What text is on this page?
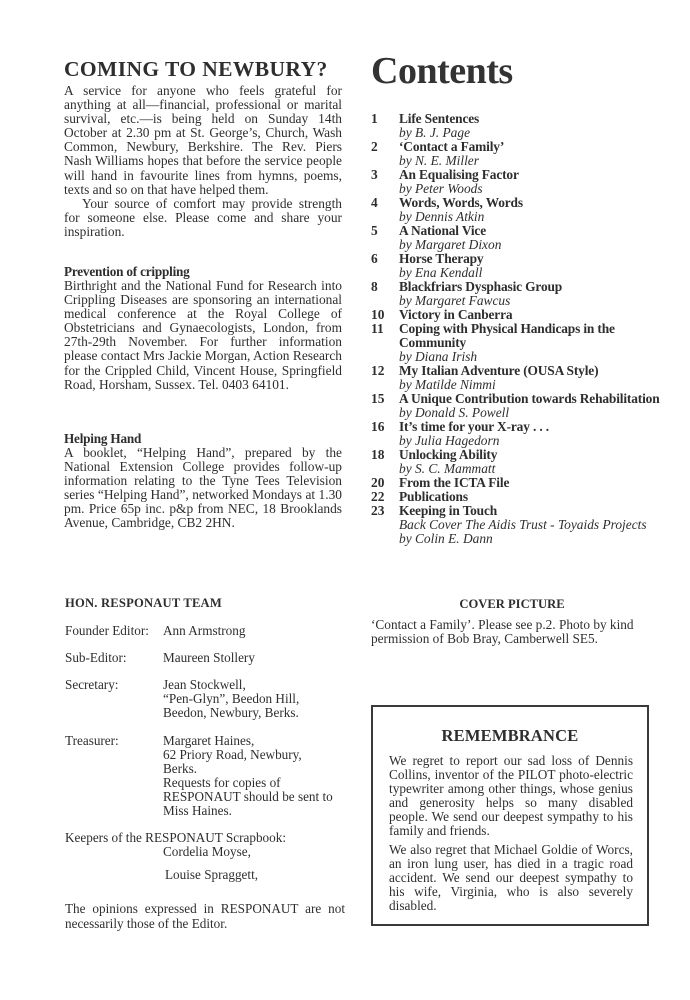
COMING TO NEWBURY?

A service for anyone who feels grateful for anything at all—financial, professional or marital survival, etc.—is being held on Sunday 14th October at 2.30 pm at St. George’s, Church, Wash Common, Newbury, Berkshire. The Rev. Piers Nash Williams hopes that before the service people will hand in favourite lines from hymns, poems, texts and so on that have helped them.

Your source of comfort may provide strength for someone else. Please come and share your inspiration.

Prevention of crippling

Birthright and the National Fund for Research into Crippling Diseases are sponsoring an international medical conference at the Royal College of Obstetricians and Gynaecologists, London, from 27th-29th November. For further information please contact Mrs Jackie Morgan, Action Research for the Crippled Child, Vincent House, Springfield Road, Horsham, Sussex. Tel. 0403 64101.

Helping Hand

A booklet, “Helping Hand”, prepared by the National Extension College provides follow-up information relating to the Tyne Tees Television series “Helping Hand”, networked Mondays at 1.30 pm. Price 65p inc. p&p from NEC, 18 Brooklands Avenue, Cambridge, CB2 2HN.

Contents
1	Life Sentences
by B. J. Page
2	‘Contact a Family’
by N. E. Miller
3	An Equalising Factor
by Peter Woods
4	Words, Words, Words
by Dennis Atkin
5	A National Vice
by Margaret Dixon
6	Horse Therapy
by Ena Kendall
8	Blackfriars Dysphasic Group
by Margaret Fawcus
10	Victory in Canberra
11	Coping with Physical Handicaps in the Community
by Diana Irish
12	My Italian Adventure (OUSA Style)
by Matilde Nimmi
15	A Unique Contribution towards Rehabilitation
by Donald S. Powell
16	It’s time for your X-ray . . .
by Julia Hagedorn
18	Unlocking Ability
by S. C. Mammatt
20	From the ICTA File
22	Publications
23	Keeping in Touch
Back Cover The Aidis Trust - Toyaids Projects
by Colin E. Dann
HON. RESPONAUT TEAM
Founder Editor:	Ann Armstrong
Sub-Editor:	Maureen Stollery
Secretary:	Jean Stockwell,
“Pen-Glyn”, Beedon Hill,
Beedon, Newbury, Berks.
Treasurer:	Margaret Haines,
62 Priory Road, Newbury,
Berks.
Requests for copies of
RESPONAUT should be sent to
Miss Haines.
Keepers of the RESPONAUT Scrapbook:
Cordelia Moyse,
Louise Spraggett,

The opinions expressed in RESPONAUT are not necessarily those of the Editor.

COVER PICTURE

‘Contact a Family’. Please see p.2. Photo by kind permission of Bob Bray, Camberwell SE5.

REMEMBRANCE

We regret to report our sad loss of Dennis Collins, inventor of the PILOT photo-electric typewriter among other things, whose genius and generosity helps so many disabled people. We send our deepest sympathy to his family and friends.

We also regret that Michael Goldie of Worcs, an iron lung user, has died in a tragic road accident. We send our deepest sympathy to his wife, Virginia, who is also severely disabled.
